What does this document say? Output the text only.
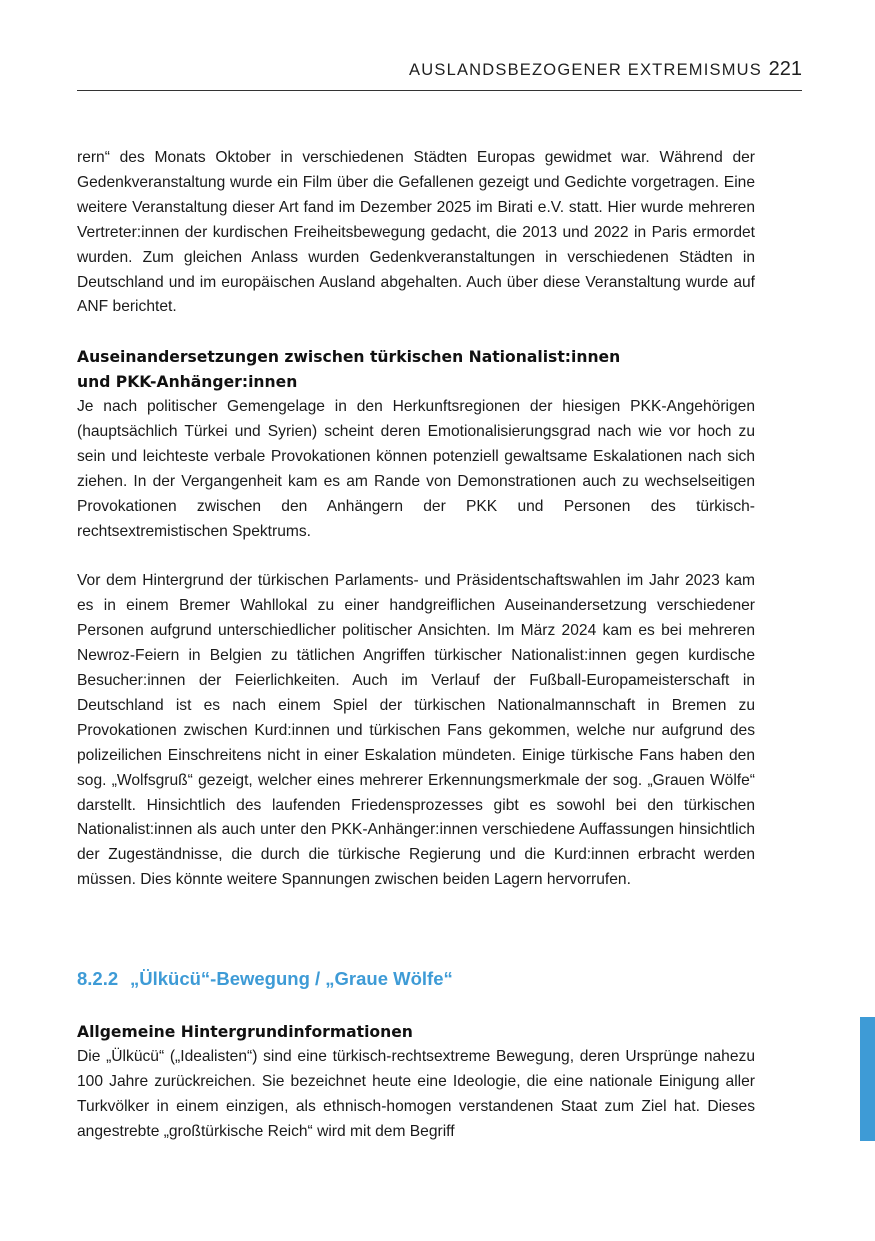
AUSLANDSBEZOGENER EXTREMISMUS 221

rern“ des Monats Oktober in verschiedenen Städten Europas gewidmet war. Während der Gedenkveranstaltung wurde ein Film über die Gefallenen gezeigt und Gedichte vorgetragen. Eine weitere Veranstaltung dieser Art fand im Dezember 2025 im Birati e.V. statt. Hier wurde mehreren Vertreter:innen der kurdischen Freiheitsbewegung gedacht, die 2013 und 2022 in Paris ermordet wurden. Zum gleichen Anlass wurden Gedenkveranstaltungen in verschiedenen Städten in Deutschland und im europäischen Ausland abgehalten. Auch über diese Veranstaltung wurde auf ANF berichtet.

Auseinandersetzungen zwischen türkischen Nationalist:innen
und PKK-Anhänger:innen

Je nach politischer Gemengelage in den Herkunftsregionen der hiesigen PKK-Angehörigen (hauptsächlich Türkei und Syrien) scheint deren Emotionalisierungsgrad nach wie vor hoch zu sein und leichteste verbale Provokationen können potenziell gewaltsame Eskalationen nach sich ziehen. In der Vergangenheit kam es am Rande von Demonstrationen auch zu wechselseitigen Provokationen zwischen den Anhängern der PKK und Personen des türkisch-rechtsextremistischen Spektrums.

Vor dem Hintergrund der türkischen Parlaments- und Präsidentschaftswahlen im Jahr 2023 kam es in einem Bremer Wahllokal zu einer handgreiflichen Auseinandersetzung verschiedener Personen aufgrund unterschiedlicher politischer Ansichten. Im März 2024 kam es bei mehreren Newroz-Feiern in Belgien zu tätlichen Angriffen türkischer Nationalist:innen gegen kurdische Besucher:innen der Feierlichkeiten. Auch im Verlauf der Fußball-Europameisterschaft in Deutschland ist es nach einem Spiel der türkischen Nationalmannschaft in Bremen zu Provokationen zwischen Kurd:innen und türkischen Fans gekommen, welche nur aufgrund des polizeilichen Einschreitens nicht in einer Eskalation mündeten. Einige türkische Fans haben den sog. „Wolfsgruß“ gezeigt, welcher eines mehrerer Erkennungsmerkmale der sog. „Grauen Wölfe“ darstellt. Hinsichtlich des laufenden Friedensprozesses gibt es sowohl bei den türkischen Nationalist:innen als auch unter den PKK-Anhänger:innen verschiedene Auffassungen hinsichtlich der Zugeständnisse, die durch die türkische Regierung und die Kurd:innen erbracht werden müssen. Dies könnte weitere Spannungen zwischen beiden Lagern hervorrufen.

8.2.2 „Ülkücü“-Bewegung / „Graue Wölfe“
Allgemeine Hintergrundinformationen

Die „Ülkücü“ („Idealisten“) sind eine türkisch-rechtsextreme Bewegung, deren Ursprünge nahezu 100 Jahre zurückreichen. Sie bezeichnet heute eine Ideologie, die eine nationale Einigung aller Turkvölker in einem einzigen, als ethnisch-homogen verstandenen Staat zum Ziel hat. Dieses angestrebte „großtürkische Reich“ wird mit dem Begriff
